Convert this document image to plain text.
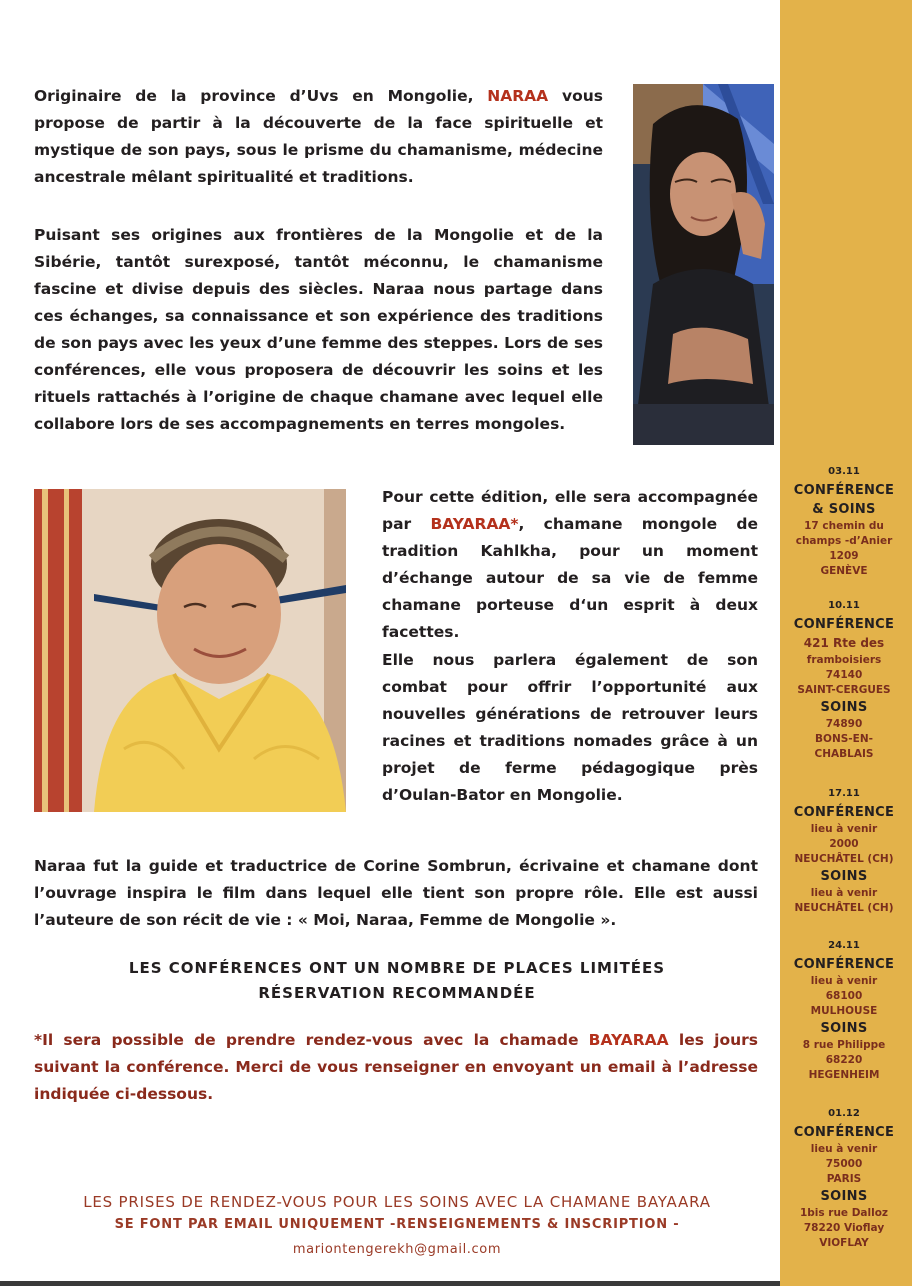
03.11
CONFÉRENCE
& SOINS
17 chemin du
champs -d’Anier
1209
GENÈVE
10.11
CONFÉRENCE
421 Rte des
framboisiers
74140
SAINT-CERGUES
SOINS
74890
BONS-EN-
CHABLAIS
17.11
CONFÉRENCE
lieu à venir
2000
NEUCHÂTEL (CH)
SOINS
lieu à venir
NEUCHÂTEL (CH)
24.11
CONFÉRENCE
lieu à venir
68100
MULHOUSE
SOINS
8 rue Philippe
68220
HEGENHEIM
01.12
CONFÉRENCE
lieu à venir
75000
PARIS
SOINS
1bis rue Dalloz
78220 Vioflay
VIOFLAY
Originaire de la province d’Uvs en Mongolie, NARAA vous propose de partir à la découverte de la face spirituelle et mystique de son pays, sous le prisme du chamanisme, médecine ancestrale mêlant spiritualité et traditions.
Puisant ses origines aux frontières de la Mongolie et de la Sibérie, tantôt surexposé, tantôt méconnu, le chamanisme fascine et divise depuis des siècles. Naraa nous partage dans ces échanges, sa connaissance et son expérience des traditions de son pays avec les yeux d’une femme des steppes. Lors de ses conférences, elle vous proposera de découvrir les soins et les rituels rattachés à l’origine de chaque chamane avec lequel elle collabore lors de ses accompagnements en terres mongoles.
Pour cette édition, elle sera accompagnée par BAYARAA*, chamane mongole de tradition Kahlkha, pour un moment d’échange autour de sa vie de femme chamane porteuse d‘un esprit à deux facettes.
Elle nous parlera également de son combat pour offrir l’opportunité aux nouvelles générations de retrouver leurs racines et traditions nomades grâce à un projet de ferme pédagogique près d’Oulan-Bator en Mongolie.
Naraa fut la guide et traductrice de Corine Sombrun, écrivaine et chamane dont l’ouvrage inspira le film dans lequel elle tient son propre rôle. Elle est aussi l’auteure de son récit de vie : « Moi, Naraa, Femme de Mongolie ».
LES CONFÉRENCES ONT UN NOMBRE DE PLACES LIMITÉES
RÉSERVATION RECOMMANDÉE
*Il sera possible de prendre rendez-vous avec la chamade BAYARAA les jours suivant la conférence. Merci de vous renseigner en envoyant un email à l’adresse indiquée ci-dessous.
LES PRISES DE RENDEZ-VOUS POUR LES SOINS AVEC LA CHAMANE BAYAARA
SE FONT PAR EMAIL UNIQUEMENT -RENSEIGNEMENTS & INSCRIPTION -
mariontengerekh@gmail.com
